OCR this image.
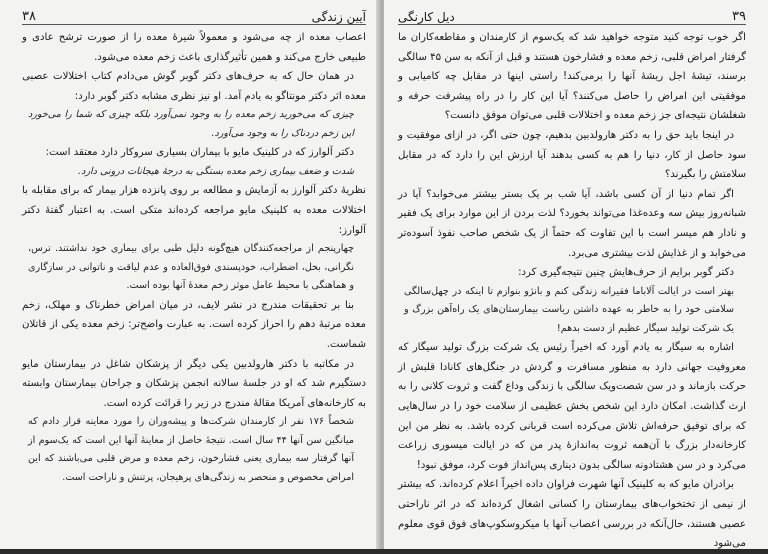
آیین زندگی
۳۸
اعصاب معده از چه می‌شود و معمولاً شیرهٔ معده را از صورت ترشح عادی و طبیعی خارج می‌کند و همین تأثیرگذاری باعث زخم معده می‌شود.
در همان حال که به حرف‌های دکتر گوبر گوش می‌دادم کتاب اختلالات عصبی معده اثر دکتر مونتاگو به یادم آمد. او نیز نظری مشابه دکتر گوبر دارد:
چیزی که می‌خورید زخم معده را به وجود نمی‌آورد بلکه چیزی که شما را می‌خورد این زخم دردناک را به وجود می‌آورد.
دکتر آلوارز که در کلینیک مایو با بیماران بسیاری سروکار دارد معتقد است:
شدت و ضعف بیماری زخم معده بستگی به درجهٔ هیجانات درونی دارد.
نظریهٔ دکتر آلوارز به آزمایش و مطالعه بر روی پانزده هزار بیمار که برای مقابله با اختلالات معده به کلینیک مایو مراجعه کرده‌اند متکی است. به اعتبار گفتهٔ دکتر آلوارز:
چهارپنجم از مراجعه‌کنندگان هیچ‌گونه دلیل طبی برای بیماری خود نداشتند. ترس، نگرانی، بخل، اضطراب، خودپسندی فوق‌العاده و عدم لیاقت و ناتوانی در سازگاری و هماهنگی با محیط عامل موثر زخم معدهٔ آنها بوده است.
بنا بر تحقیقات مندرج در نشر لایف، در میان امراض خطرناک و مهلک، زخم معده مرتبهٔ دهم را احراز کرده است. به عبارت واضح‌تر: زخم معده یکی از قاتلان شماست.
در مکاتبه با دکتر هارولدبین یکی دیگر از پزشکان شاغل در بیمارستان مایو دستگیرم شد که او در جلسهٔ سالانه انجمن پزشکان و جراحان بیمارستان وابسته به کارخانه‌های آمریکا مقالهٔ مندرج در زیر را قرائت کرده است.
شخصاً ۱۷۶ نفر از کارمندان شرکت‌ها و پیشه‌وران را مورد معاینه قرار دادم که میانگین سن آنها ۴۴ سال است. نتیجهٔ حاصل از معاینهٔ آنها این است که یک‌سوم از آنها گرفتار سه بیماری یعنی فشارخون، زخم معده و مرض قلبی می‌باشند که این امراض مخصوص و منحصر به زندگی‌های پرهیجان، پرتنش و ناراحت است.
۳۹
دیل کارنگی
اگر خوب توجه کنید متوجه خواهید شد که یک‌سوم از کارمندان و مقاطعه‌کاران ما گرفتار امراض قلبی، زخم معده و فشارخون هستند و قبل از آنکه به سن ۴۵ سالگی برسند، تیشهٔ اجل ریشهٔ آنها را برمی‌کند! راستی اینها در مقابل چه کامیابی و موفقیتی این امراض را حاصل می‌کنند؟ آیا این کار را در راه پیشرفت حرفه و شغلشان نتیجه‌ای جز زخم معده و اختلالات قلبی می‌توان موفق دانست؟
در اینجا باید حق را به دکتر هارولدبین بدهیم، چون حتی اگر، در ازای موفقیت و سود حاصل از کار، دنیا را هم به کسی بدهند آیا ارزش این را دارد که در مقابل سلامتش را بگیرند؟
اگر تمام دنیا از آن کسی باشد، آیا شب بر یک بستر بیشتر می‌خوابد؟ آیا در شبانه‌روز بیش سه وعده‌غذا می‌تواند بخورد؟ لذت بردن از این موارد برای یک فقیر و نادار هم میسر است با این تفاوت که حتماً از یک شخص صاحب نفوذ آسوده‌تر می‌خوابد و از غذایش لذت بیشتری می‌برد.
دکتر گوبر برایم از حرف‌هایش چنین نتیجه‌گیری کرد:
بهتر است در ایالت آلاباما فقیرانه زندگی کنم و بانژو بنوازم تا اینکه در چهل‌سالگی سلامتی خود را به خاطر به عهده داشتن ریاست بیمارستان‌های یک راه‌آهن بزرگ و یک شرکت تولید سیگار عظیم از دست بدهم!
اشاره به سیگار به یادم آورد که اخیراً رئیس یک شرکت بزرگ تولید سیگار که معروفیت جهانی دارد به منظور مسافرت و گردش در جنگل‌های کانادا قلبش از حرکت بازماند و در سن شصت‌ویک سالگی با زندگی وداع گفت و ثروت کلانی را به ارث گذاشت. امکان دارد این شخص بخش عظیمی از سلامت خود را در سال‌هایی که برای توفیق حرفه‌اش تلاش می‌کرده است قربانی کرده باشد. به نظر من این کارخانه‌دار بزرگ با آن‌همه ثروت به‌اندازهٔ پدر من که در ایالت میسوری زراعت می‌کرد و در سن هشتادونه سالگی بدون دیناری پس‌انداز فوت کرد، موفق نبود!
برادران مایو که به کلینیک آنها شهرت فراوان داده اخیراً اعلام کرده‌اند. که بیشتر از نیمی از تختخواب‌های بیمارستان را کسانی اشغال کرده‌اند که در اثر ناراحتی عصبی هستند، حال‌آنکه در بررسی اعصاب آنها با میکروسکوپ‌های فوق قوی معلوم می‌شود
